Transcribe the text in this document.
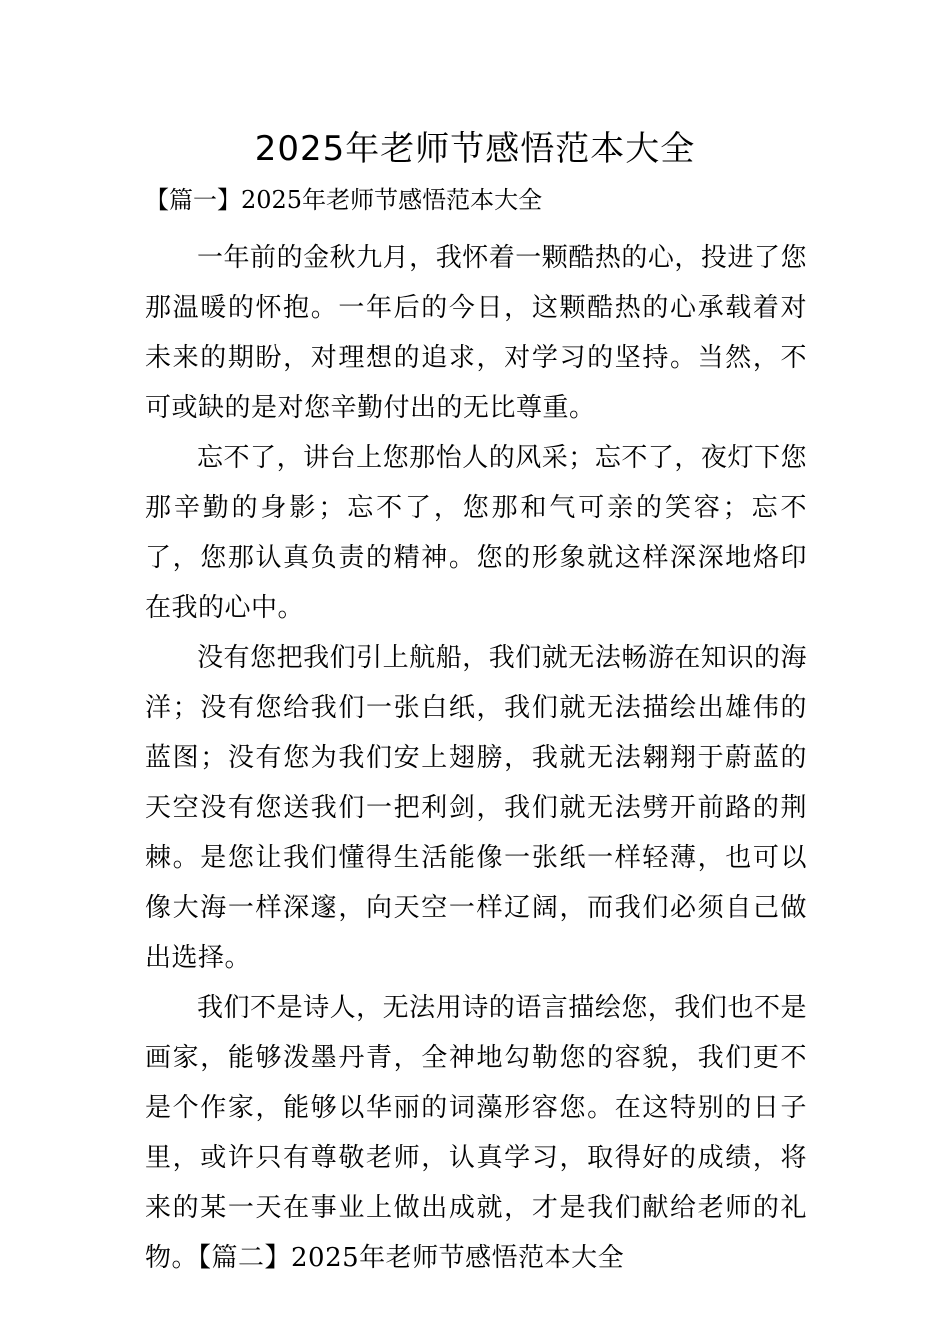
2025年老师节感悟范本大全
【篇一】2025年老师节感悟范本大全

一年前的金秋九月，我怀着一颗酷热的心，投进了您那温暖的怀抱。一年后的今日，这颗酷热的心承载着对未来的期盼，对理想的追求，对学习的坚持。当然，不可或缺的是对您辛勤付出的无比尊重。

忘不了，讲台上您那怡人的风采；忘不了，夜灯下您那辛勤的身影；忘不了，您那和气可亲的笑容；忘不了，您那认真负责的精神。您的形象就这样深深地烙印在我的心中。

没有您把我们引上航船，我们就无法畅游在知识的海洋；没有您给我们一张白纸，我们就无法描绘出雄伟的蓝图；没有您为我们安上翅膀，我就无法翱翔于蔚蓝的天空没有您送我们一把利剑，我们就无法劈开前路的荆棘。是您让我们懂得生活能像一张纸一样轻薄，也可以像大海一样深邃，向天空一样辽阔，而我们必须自己做出选择。

我们不是诗人，无法用诗的语言描绘您，我们也不是画家，能够泼墨丹青，全神地勾勒您的容貌，我们更不是个作家，能够以华丽的词藻形容您。在这特别的日子里，或许只有尊敬老师，认真学习，取得好的成绩，将来的某一天在事业上做出成就，才是我们献给老师的礼物。【篇二】2025年老师节感悟范本大全
